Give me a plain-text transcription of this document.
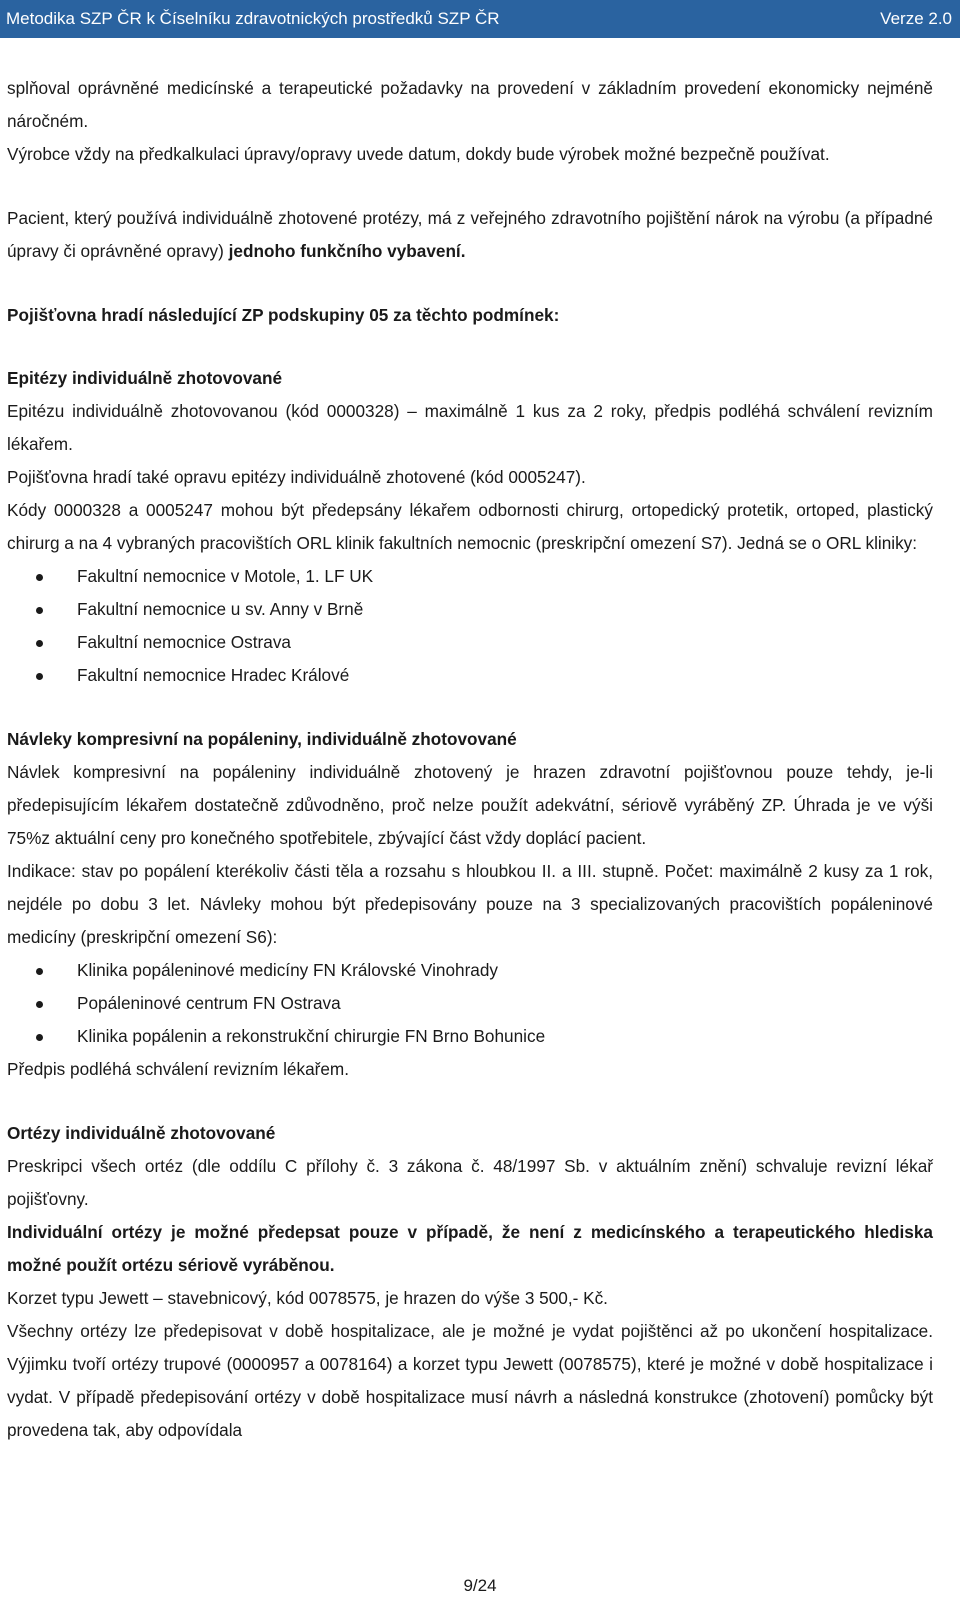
Metodika SZP ČR k Číselníku zdravotnických prostředků SZP ČR	Verze 2.0

splňoval oprávněné medicínské a terapeutické požadavky na provedení v základním provedení ekonomicky nejméně náročném.

Výrobce vždy na předkalkulaci úpravy/opravy uvede datum, dokdy bude výrobek možné bezpečně používat.

Pacient, který používá individuálně zhotovené protézy, má z veřejného zdravotního pojištění nárok na výrobu (a případné úpravy či oprávněné opravy) jednoho funkčního vybavení.

Pojišťovna hradí následující ZP podskupiny 05 za těchto podmínek:

Epitézy individuálně zhotovované

Epitézu individuálně zhotovovanou (kód 0000328) – maximálně 1 kus za 2 roky, předpis podléhá schválení revizním lékařem.

Pojišťovna hradí také opravu epitézy individuálně zhotovené (kód 0005247).

Kódy 0000328 a 0005247 mohou být předepsány lékařem odbornosti chirurg, ortopedický protetik, ortoped, plastický chirurg a na 4 vybraných pracovištích ORL klinik fakultních nemocnic (preskripční omezení S7). Jedná se o ORL kliniky:

Fakultní nemocnice v Motole, 1. LF UK
Fakultní nemocnice u sv. Anny v Brně
Fakultní nemocnice Ostrava
Fakultní nemocnice Hradec Králové

Návleky kompresivní na popáleniny, individuálně zhotovované

Návlek kompresivní na popáleniny individuálně zhotovený je hrazen zdravotní pojišťovnou pouze tehdy, je-li předepisujícím lékařem dostatečně zdůvodněno, proč nelze použít adekvátní, sériově vyráběný ZP. Úhrada je ve výši 75%z aktuální ceny pro konečného spotřebitele, zbývající část vždy doplácí pacient.

Indikace: stav po popálení kterékoliv části těla a rozsahu s hloubkou II. a III. stupně. Počet: maximálně 2 kusy za 1 rok, nejdéle po dobu 3 let. Návleky mohou být předepisovány pouze na 3 specializovaných pracovištích popáleninové medicíny (preskripční omezení S6):

Klinika popáleninové medicíny FN Královské Vinohrady
Popáleninové centrum FN Ostrava
Klinika popálenin a rekonstrukční chirurgie FN Brno Bohunice

Předpis podléhá schválení revizním lékařem.

Ortézy individuálně zhotovované

Preskripci všech ortéz (dle oddílu C přílohy č. 3 zákona č. 48/1997 Sb. v aktuálním znění) schvaluje revizní lékař pojišťovny.

Individuální ortézy je možné předepsat pouze v případě, že není z medicínského a terapeutického hlediska možné použít ortézu sériově vyráběnou.

Korzet typu Jewett – stavebnicový, kód 0078575, je hrazen do výše 3 500,- Kč.

Všechny ortézy lze předepisovat v době hospitalizace, ale je možné je vydat pojištěnci až po ukončení hospitalizace. Výjimku tvoří ortézy trupové (0000957 a 0078164) a korzet typu Jewett (0078575), které je možné v době hospitalizace i vydat. V případě předepisování ortézy v době hospitalizace musí návrh a následná konstrukce (zhotovení) pomůcky být provedena tak, aby odpovídala

9/24
